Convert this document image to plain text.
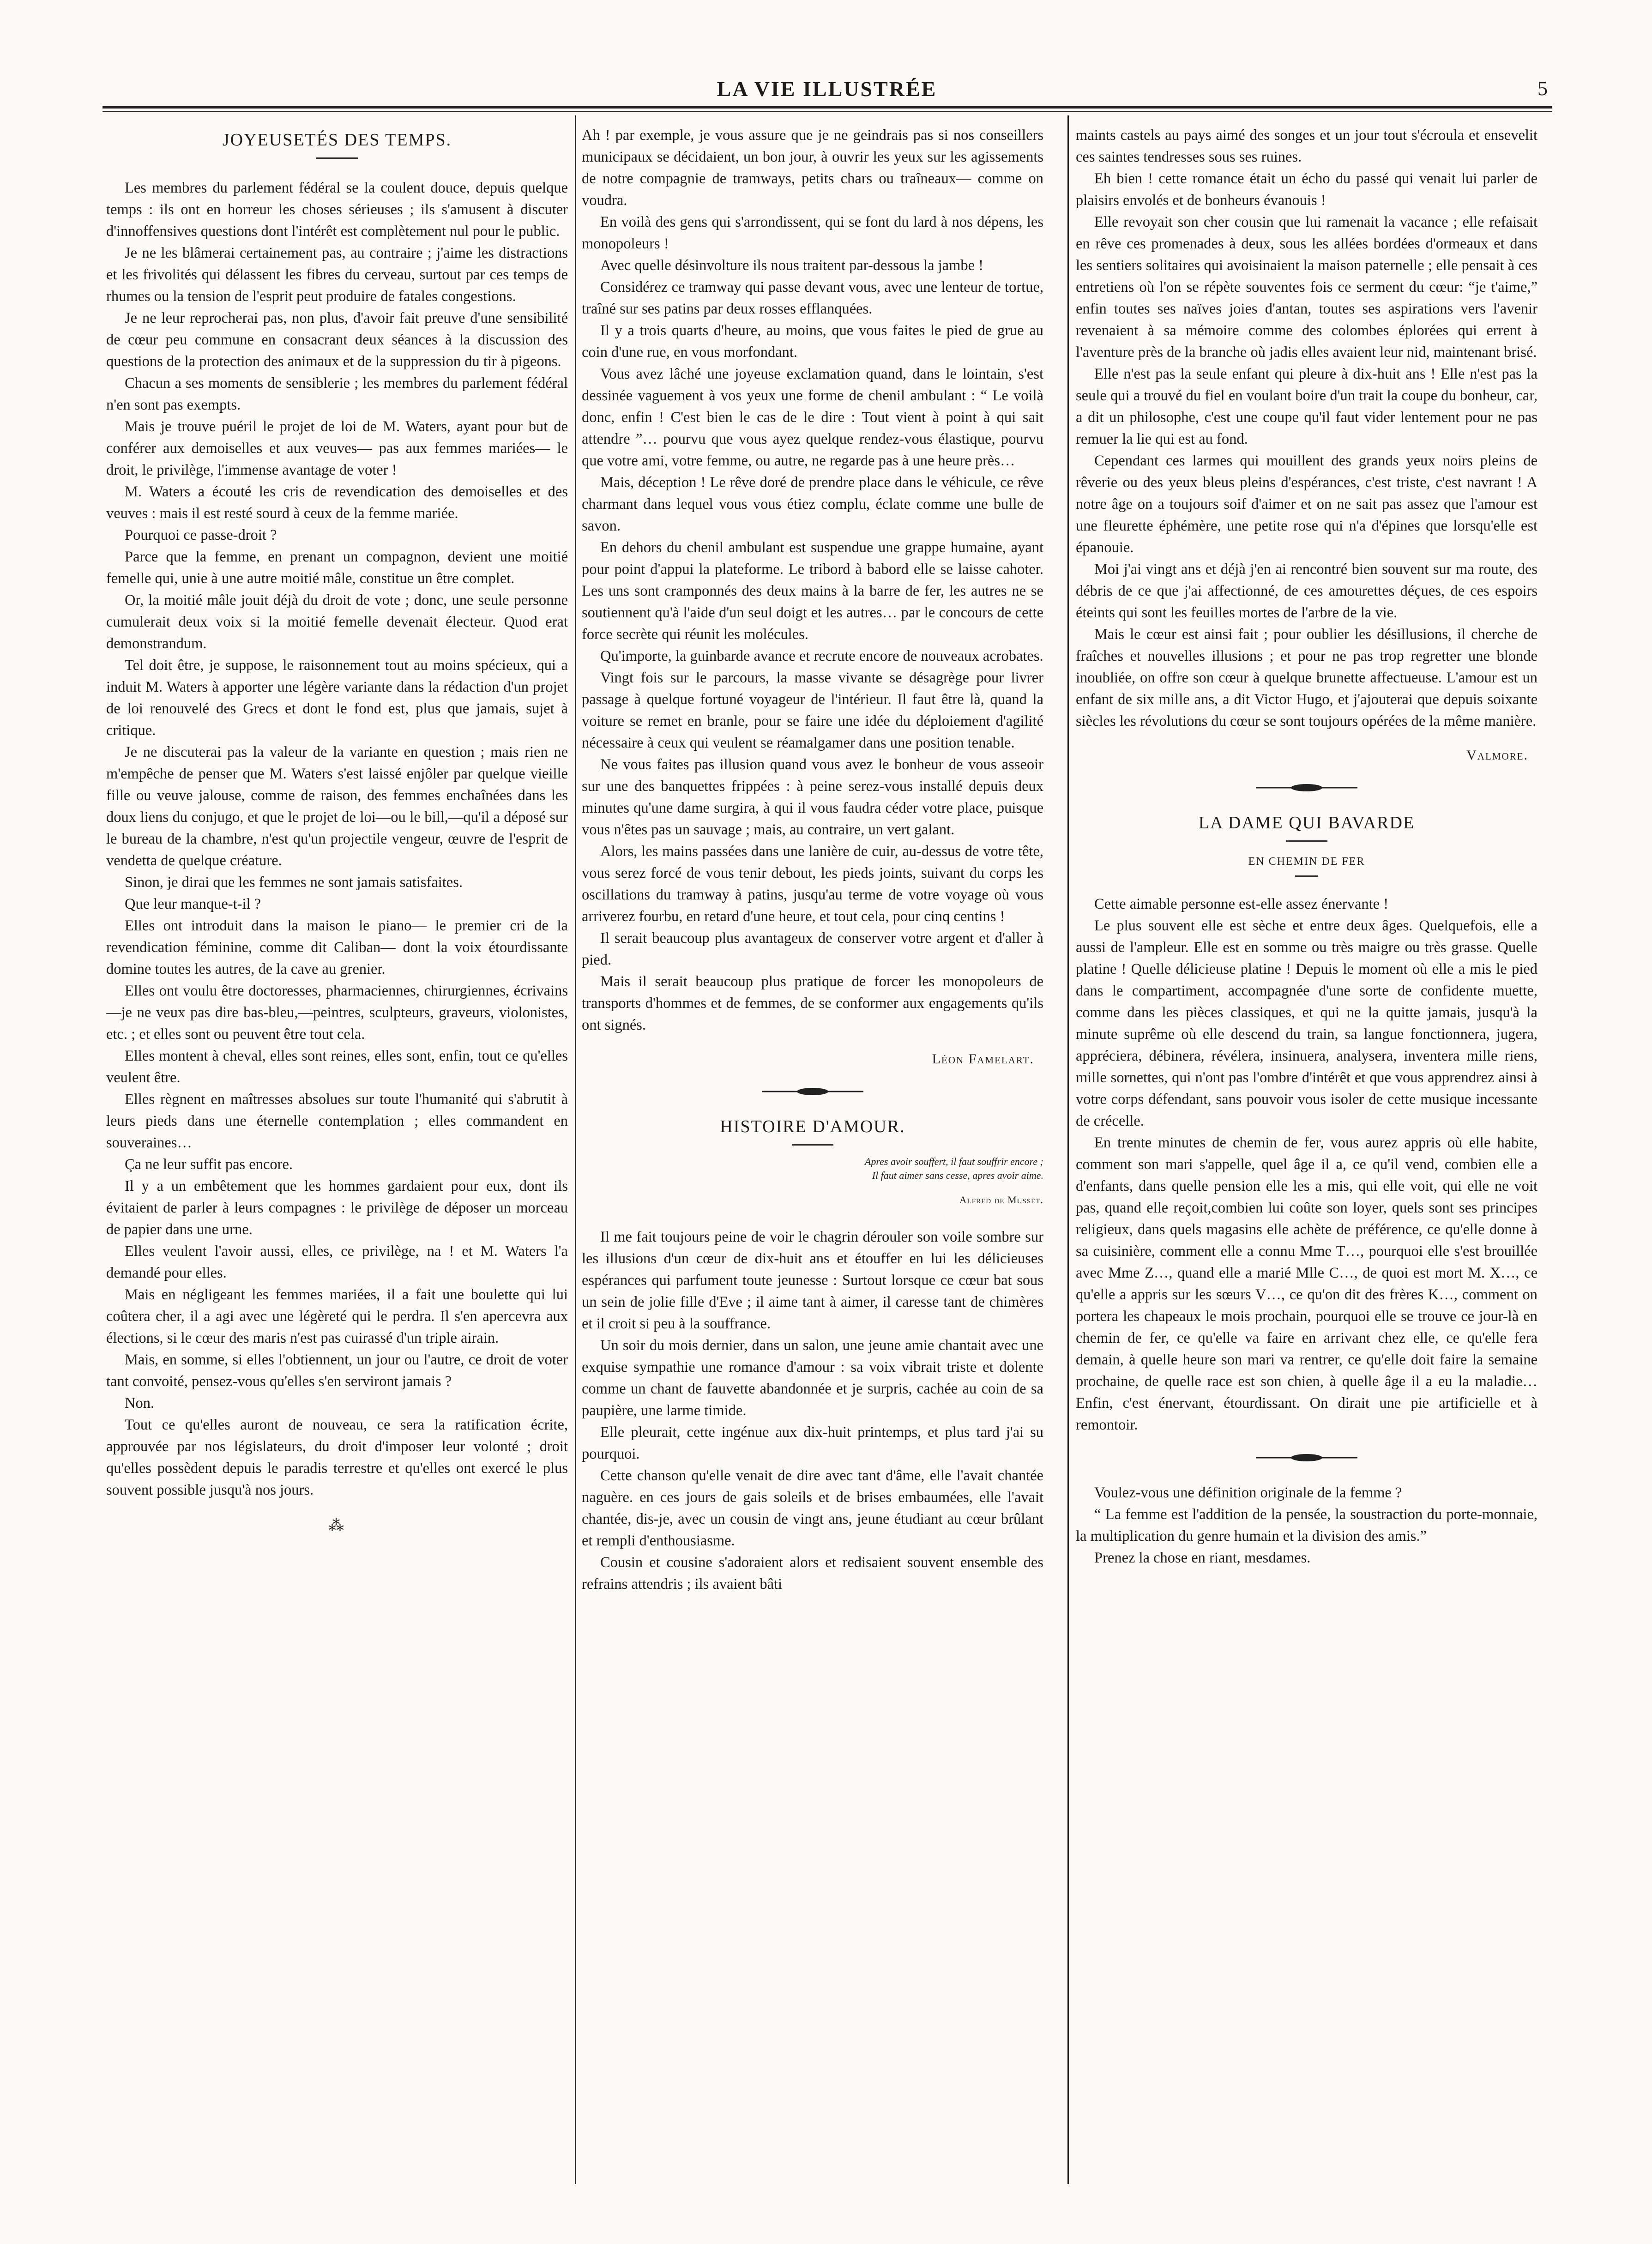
LA VIE ILLUSTRÉE	5
JOYEUSETÉS DES TEMPS.

Les membres du parlement fédéral se la coulent douce, depuis quelque temps : ils ont en horreur les choses sérieuses ; ils s'amusent à discuter d'innoffensives questions dont l'intérêt est complètement nul pour le public.

Je ne les blâmerai certainement pas, au contraire ; j'aime les distractions et les frivolités qui délassent les fibres du cerveau, surtout par ces temps de rhumes ou la tension de l'esprit peut produire de fatales congestions.

Je ne leur reprocherai pas, non plus, d'avoir fait preuve d'une sensibilité de cœur peu commune en consacrant deux séances à la discussion des questions de la protection des animaux et de la suppression du tir à pigeons.

Chacun a ses moments de sensiblerie ; les membres du parlement fédéral n'en sont pas exempts.

Mais je trouve puéril le projet de loi de M. Waters, ayant pour but de conférer aux demoiselles et aux veuves— pas aux femmes mariées— le droit, le privilège, l'immense avantage de voter !

M. Waters a écouté les cris de revendication des demoiselles et des veuves : mais il est resté sourd à ceux de la femme mariée.

Pourquoi ce passe-droit ?

Parce que la femme, en prenant un compagnon, devient une moitié femelle qui, unie à une autre moitié mâle, constitue un être complet.

Or, la moitié mâle jouit déjà du droit de vote ; donc, une seule personne cumulerait deux voix si la moitié femelle devenait électeur. Quod erat demonstrandum.

Tel doit être, je suppose, le raisonnement tout au moins spécieux, qui a induit M. Waters à apporter une légère variante dans la rédaction d'un projet de loi renouvelé des Grecs et dont le fond est, plus que jamais, sujet à critique.

Je ne discuterai pas la valeur de la variante en question ; mais rien ne m'empêche de penser que M. Waters s'est laissé enjôler par quelque vieille fille ou veuve jalouse, comme de raison, des femmes enchaînées dans les doux liens du conjugo, et que le projet de loi—ou le bill,—qu'il a déposé sur le bureau de la chambre, n'est qu'un projectile vengeur, œuvre de l'esprit de vendetta de quelque créature.

Sinon, je dirai que les femmes ne sont jamais satisfaites.

Que leur manque-t-il ?

Elles ont introduit dans la maison le piano— le premier cri de la revendication féminine, comme dit Caliban— dont la voix étourdissante domine toutes les autres, de la cave au grenier.

Elles ont voulu être doctoresses, pharmaciennes, chirurgiennes, écrivains—je ne veux pas dire bas-bleu,—peintres, sculpteurs, graveurs, violonistes, etc. ; et elles sont ou peuvent être tout cela.

Elles montent à cheval, elles sont reines, elles sont, enfin, tout ce qu'elles veulent être.

Elles règnent en maîtresses absolues sur toute l'humanité qui s'abrutit à leurs pieds dans une éternelle contemplation ; elles commandent en souveraines…

Ça ne leur suffit pas encore.

Il y a un embêtement que les hommes gardaient pour eux, dont ils évitaient de parler à leurs compagnes : le privilège de déposer un morceau de papier dans une urne.

Elles veulent l'avoir aussi, elles, ce privilège, na ! et M. Waters l'a demandé pour elles.

Mais en négligeant les femmes mariées, il a fait une boulette qui lui coûtera cher, il a agi avec une légèreté qui le perdra. Il s'en apercevra aux élections, si le cœur des maris n'est pas cuirassé d'un triple airain.

Mais, en somme, si elles l'obtiennent, un jour ou l'autre, ce droit de voter tant convoité, pensez-vous qu'elles s'en serviront jamais ?

Non.

Tout ce qu'elles auront de nouveau, ce sera la ratification écrite, approuvée par nos législateurs, du droit d'imposer leur volonté ; droit qu'elles possèdent depuis le paradis terrestre et qu'elles ont exercé le plus souvent possible jusqu'à nos jours.

⁂

Ah ! par exemple, je vous assure que je ne geindrais pas si nos conseillers municipaux se décidaient, un bon jour, à ouvrir les yeux sur les agissements de notre compagnie de tramways, petits chars ou traîneaux— comme on voudra.

En voilà des gens qui s'arrondissent, qui se font du lard à nos dépens, les monopoleurs !

Avec quelle désinvolture ils nous traitent par-dessous la jambe !

Considérez ce tramway qui passe devant vous, avec une lenteur de tortue, traîné sur ses patins par deux rosses efflanquées.

Il y a trois quarts d'heure, au moins, que vous faites le pied de grue au coin d'une rue, en vous morfondant.

Vous avez lâché une joyeuse exclamation quand, dans le lointain, s'est dessinée vaguement à vos yeux une forme de chenil ambulant : “ Le voilà donc, enfin ! C'est bien le cas de le dire : Tout vient à point à qui sait attendre ”… pourvu que vous ayez quelque rendez-vous élastique, pourvu que votre ami, votre femme, ou autre, ne regarde pas à une heure près…

Mais, déception ! Le rêve doré de prendre place dans le véhicule, ce rêve charmant dans lequel vous vous étiez complu, éclate comme une bulle de savon.

En dehors du chenil ambulant est suspendue une grappe humaine, ayant pour point d'appui la plateforme. Le tribord à babord elle se laisse cahoter. Les uns sont cramponnés des deux mains à la barre de fer, les autres ne se soutiennent qu'à l'aide d'un seul doigt et les autres… par le concours de cette force secrète qui réunit les molécules.

Qu'importe, la guinbarde avance et recrute encore de nouveaux acrobates.

Vingt fois sur le parcours, la masse vivante se désagrège pour livrer passage à quelque fortuné voyageur de l'intérieur. Il faut être là, quand la voiture se remet en branle, pour se faire une idée du déploiement d'agilité nécessaire à ceux qui veulent se réamalgamer dans une position tenable.

Ne vous faites pas illusion quand vous avez le bonheur de vous asseoir sur une des banquettes frippées : à peine serez-vous installé depuis deux minutes qu'une dame surgira, à qui il vous faudra céder votre place, puisque vous n'êtes pas un sauvage ; mais, au contraire, un vert galant.

Alors, les mains passées dans une lanière de cuir, au-dessus de votre tête, vous serez forcé de vous tenir debout, les pieds joints, suivant du corps les oscillations du tramway à patins, jusqu'au terme de votre voyage où vous arriverez fourbu, en retard d'une heure, et tout cela, pour cinq centins !

Il serait beaucoup plus avantageux de conserver votre argent et d'aller à pied.

Mais il serait beaucoup plus pratique de forcer les monopoleurs de transports d'hommes et de femmes, de se conformer aux engagements qu'ils ont signés.

Léon Famelart.
HISTOIRE D'AMOUR.
Apres avoir souffert, il faut souffrir encore ;
Il faut aimer sans cesse, apres avoir aime.
Alfred de Musset.

Il me fait toujours peine de voir le chagrin dérouler son voile sombre sur les illusions d'un cœur de dix-huit ans et étouffer en lui les délicieuses espérances qui parfument toute jeunesse : Surtout lorsque ce cœur bat sous un sein de jolie fille d'Eve ; il aime tant à aimer, il caresse tant de chimères et il croit si peu à la souffrance.

Un soir du mois dernier, dans un salon, une jeune amie chantait avec une exquise sympathie une romance d'amour : sa voix vibrait triste et dolente comme un chant de fauvette abandonnée et je surpris, cachée au coin de sa paupière, une larme timide.

Elle pleurait, cette ingénue aux dix-huit printemps, et plus tard j'ai su pourquoi.

Cette chanson qu'elle venait de dire avec tant d'âme, elle l'avait chantée naguère. en ces jours de gais soleils et de brises embaumées, elle l'avait chantée, dis-je, avec un cousin de vingt ans, jeune étudiant au cœur brûlant et rempli d'enthousiasme.

Cousin et cousine s'adoraient alors et redisaient souvent ensemble des refrains attendris ; ils avaient bâti

maints castels au pays aimé des songes et un jour tout s'écroula et ensevelit ces saintes tendresses sous ses ruines.

Eh bien ! cette romance était un écho du passé qui venait lui parler de plaisirs envolés et de bonheurs évanouis !

Elle revoyait son cher cousin que lui ramenait la vacance ; elle refaisait en rêve ces promenades à deux, sous les allées bordées d'ormeaux et dans les sentiers solitaires qui avoisinaient la maison paternelle ; elle pensait à ces entretiens où l'on se répète souventes fois ce serment du cœur: “je t'aime,” enfin toutes ses naïves joies d'antan, toutes ses aspirations vers l'avenir revenaient à sa mémoire comme des colombes éplorées qui errent à l'aventure près de la branche où jadis elles avaient leur nid, maintenant brisé.

Elle n'est pas la seule enfant qui pleure à dix-huit ans ! Elle n'est pas la seule qui a trouvé du fiel en voulant boire d'un trait la coupe du bonheur, car, a dit un philosophe, c'est une coupe qu'il faut vider lentement pour ne pas remuer la lie qui est au fond.

Cependant ces larmes qui mouillent des grands yeux noirs pleins de rêverie ou des yeux bleus pleins d'espérances, c'est triste, c'est navrant ! A notre âge on a toujours soif d'aimer et on ne sait pas assez que l'amour est une fleurette éphémère, une petite rose qui n'a d'épines que lorsqu'elle est épanouie.

Moi j'ai vingt ans et déjà j'en ai rencontré bien souvent sur ma route, des débris de ce que j'ai affectionné, de ces amourettes déçues, de ces espoirs éteints qui sont les feuilles mortes de l'arbre de la vie.

Mais le cœur est ainsi fait ; pour oublier les désillusions, il cherche de fraîches et nouvelles illusions ; et pour ne pas trop regretter une blonde inoubliée, on offre son cœur à quelque brunette affectueuse. L'amour est un enfant de six mille ans, a dit Victor Hugo, et j'ajouterai que depuis soixante siècles les révolutions du cœur se sont toujours opérées de la même manière.

Valmore.
LA DAME QUI BAVARDE
EN CHEMIN DE FER

Cette aimable personne est-elle assez énervante !

Le plus souvent elle est sèche et entre deux âges. Quelquefois, elle a aussi de l'ampleur. Elle est en somme ou très maigre ou très grasse. Quelle platine ! Quelle délicieuse platine ! Depuis le moment où elle a mis le pied dans le compartiment, accompagnée d'une sorte de confidente muette, comme dans les pièces classiques, et qui ne la quitte jamais, jusqu'à la minute suprême où elle descend du train, sa langue fonctionnera, jugera, appréciera, débinera, révélera, insinuera, analysera, inventera mille riens, mille sornettes, qui n'ont pas l'ombre d'intérêt et que vous apprendrez ainsi à votre corps défendant, sans pouvoir vous isoler de cette musique incessante de crécelle.

En trente minutes de chemin de fer, vous aurez appris où elle habite, comment son mari s'appelle, quel âge il a, ce qu'il vend, combien elle a d'enfants, dans quelle pension elle les a mis, qui elle voit, qui elle ne voit pas, quand elle reçoit,combien lui coûte son loyer, quels sont ses principes religieux, dans quels magasins elle achète de préférence, ce qu'elle donne à sa cuisinière, comment elle a connu Mme T…, pourquoi elle s'est brouillée avec Mme Z…, quand elle a marié Mlle C…, de quoi est mort M. X…, ce qu'elle a appris sur les sœurs V…, ce qu'on dit des frères K…, comment on portera les chapeaux le mois prochain, pourquoi elle se trouve ce jour-là en chemin de fer, ce qu'elle va faire en arrivant chez elle, ce qu'elle fera demain, à quelle heure son mari va rentrer, ce qu'elle doit faire la semaine prochaine, de quelle race est son chien, à quelle âge il a eu la maladie… Enfin, c'est énervant, étourdissant. On dirait une pie artificielle et à remontoir.

Voulez-vous une définition originale de la femme ?

“ La femme est l'addition de la pensée, la soustraction du porte-monnaie, la multiplication du genre humain et la division des amis.”

Prenez la chose en riant, mesdames.
